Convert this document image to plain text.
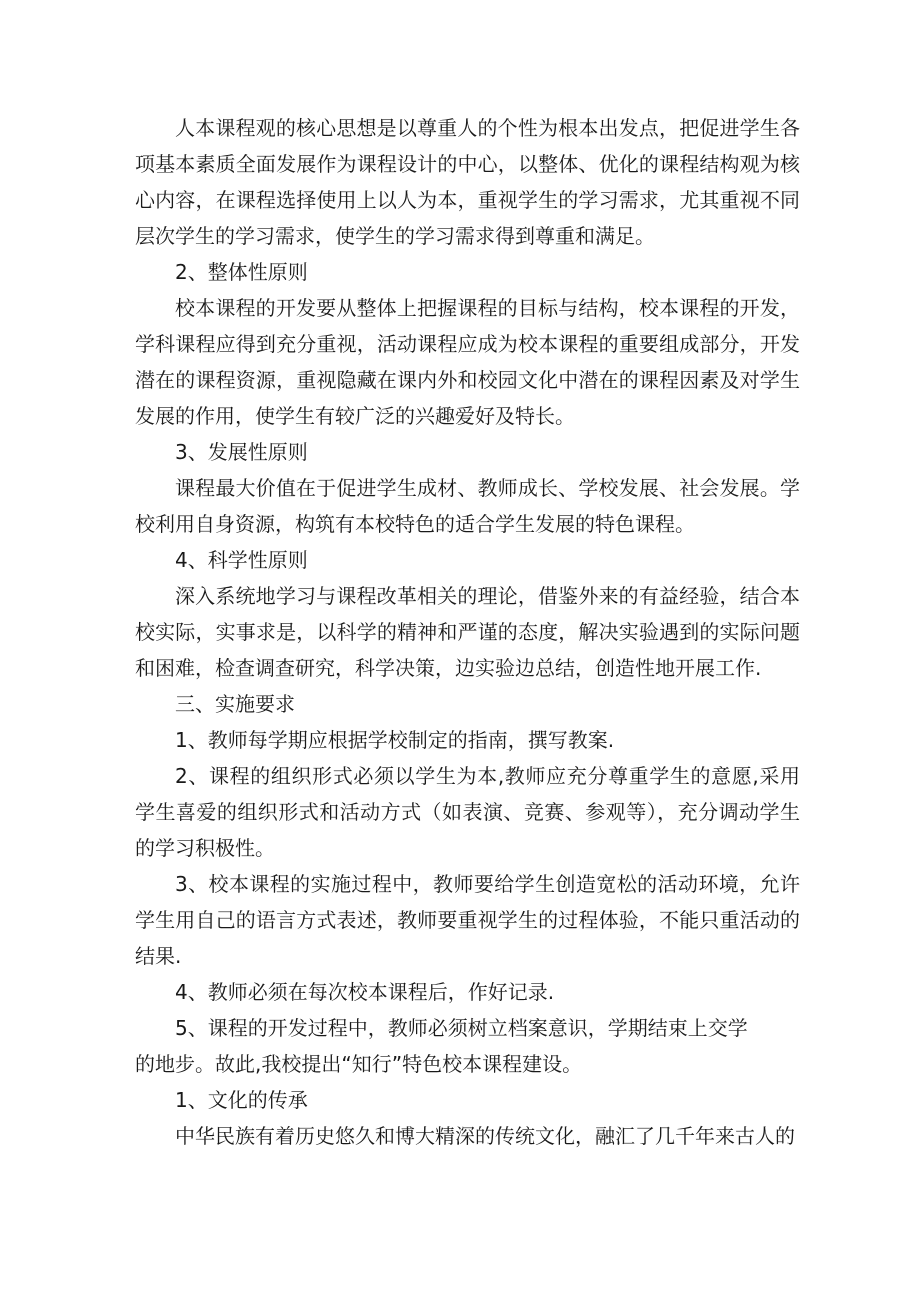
人本课程观的核心思想是以尊重人的个性为根本出发点，把促进学生各项基本素质全面发展作为课程设计的中心，以整体、优化的课程结构观为核心内容，在课程选择使用上以人为本，重视学生的学习需求，尤其重视不同层次学生的学习需求，使学生的学习需求得到尊重和满足。

2、整体性原则

校本课程的开发要从整体上把握课程的目标与结构，校本课程的开发，学科课程应得到充分重视，活动课程应成为校本课程的重要组成部分，开发潜在的课程资源，重视隐藏在课内外和校园文化中潜在的课程因素及对学生发展的作用，使学生有较广泛的兴趣爱好及特长。

3、发展性原则

课程最大价值在于促进学生成材、教师成长、学校发展、社会发展。学校利用自身资源，构筑有本校特色的适合学生发展的特色课程。

4、科学性原则

深入系统地学习与课程改革相关的理论，借鉴外来的有益经验，结合本校实际，实事求是，以科学的精神和严谨的态度，解决实验遇到的实际问题和困难，检查调查研究，科学决策，边实验边总结，创造性地开展工作.

三、实施要求

1、教师每学期应根据学校制定的指南，撰写教案.

2、课程的组织形式必须以学生为本,教师应充分尊重学生的意愿,采用学生喜爱的组织形式和活动方式（如表演、竞赛、参观等），充分调动学生的学习积极性。

3、校本课程的实施过程中，教师要给学生创造宽松的活动环境，允许学生用自己的语言方式表述，教师要重视学生的过程体验，不能只重活动的结果.

4、教师必须在每次校本课程后，作好记录.

5、课程的开发过程中，教师必须树立档案意识，学期结束上交学

的地步。故此,我校提出“知行”特色校本课程建设。

1、文化的传承

中华民族有着历史悠久和博大精深的传统文化，融汇了几千年来古人的
